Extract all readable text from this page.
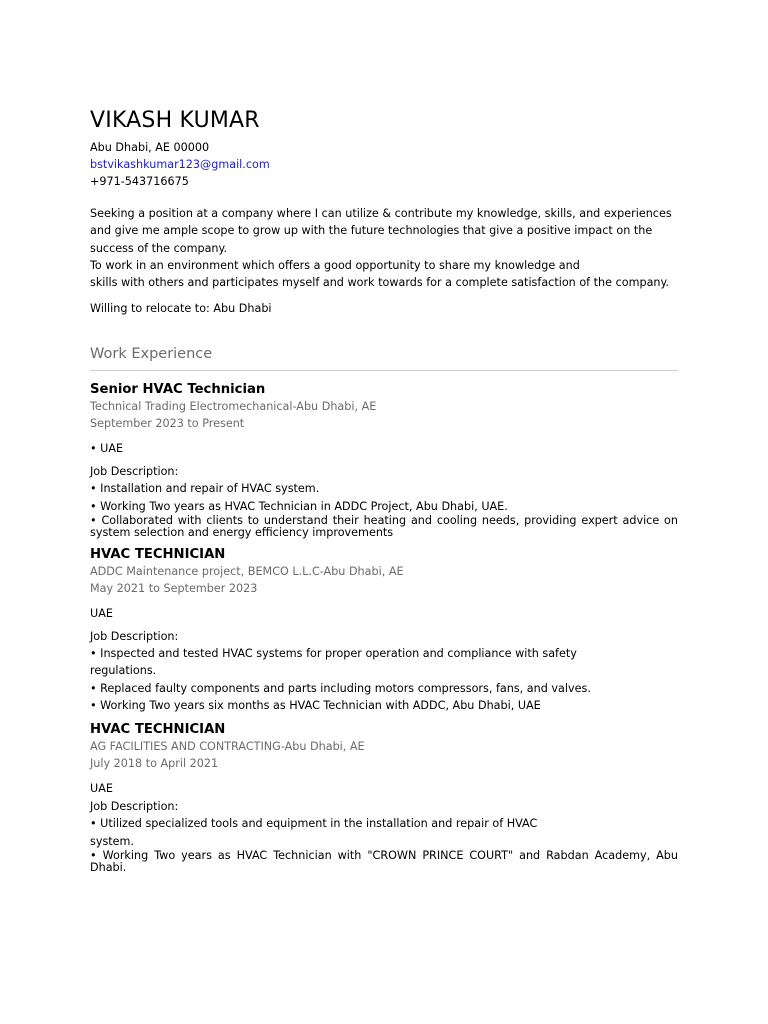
VIKASH KUMAR
Abu Dhabi, AE 00000
bstvikashkumar123@gmail.com
+971-543716675
Seeking a position at a company where I can utilize & contribute my knowledge, skills, and experiences
and give me ample scope to grow up with the future technologies that give a positive impact on the
success of the company.
To work in an environment which offers a good opportunity to share my knowledge and
skills with others and participates myself and work towards for a complete satisfaction of the company.
Willing to relocate to: Abu Dhabi
Work Experience
Senior HVAC Technician
Technical Trading Electromechanical-Abu Dhabi, AE
September 2023 to Present
• UAE
Job Description:
• Installation and repair of HVAC system.
• Working Two years as HVAC Technician in ADDC Project, Abu Dhabi, UAE.
• Collaborated with clients to understand their heating and cooling needs, providing expert advice on system selection and energy efficiency improvements
HVAC TECHNICIAN
ADDC Maintenance project, BEMCO L.L.C-Abu Dhabi, AE
May 2021 to September 2023
UAE
Job Description:
• Inspected and tested HVAC systems for proper operation and compliance with safety
regulations.
• Replaced faulty components and parts including motors compressors, fans, and valves.
• Working Two years six months as HVAC Technician with ADDC, Abu Dhabi, UAE
HVAC TECHNICIAN
AG FACILITIES AND CONTRACTING-Abu Dhabi, AE
July 2018 to April 2021
UAE
Job Description:
• Utilized specialized tools and equipment in the installation and repair of HVAC
system.
• Working Two years as HVAC Technician with "CROWN PRINCE COURT" and Rabdan Academy, Abu Dhabi.
